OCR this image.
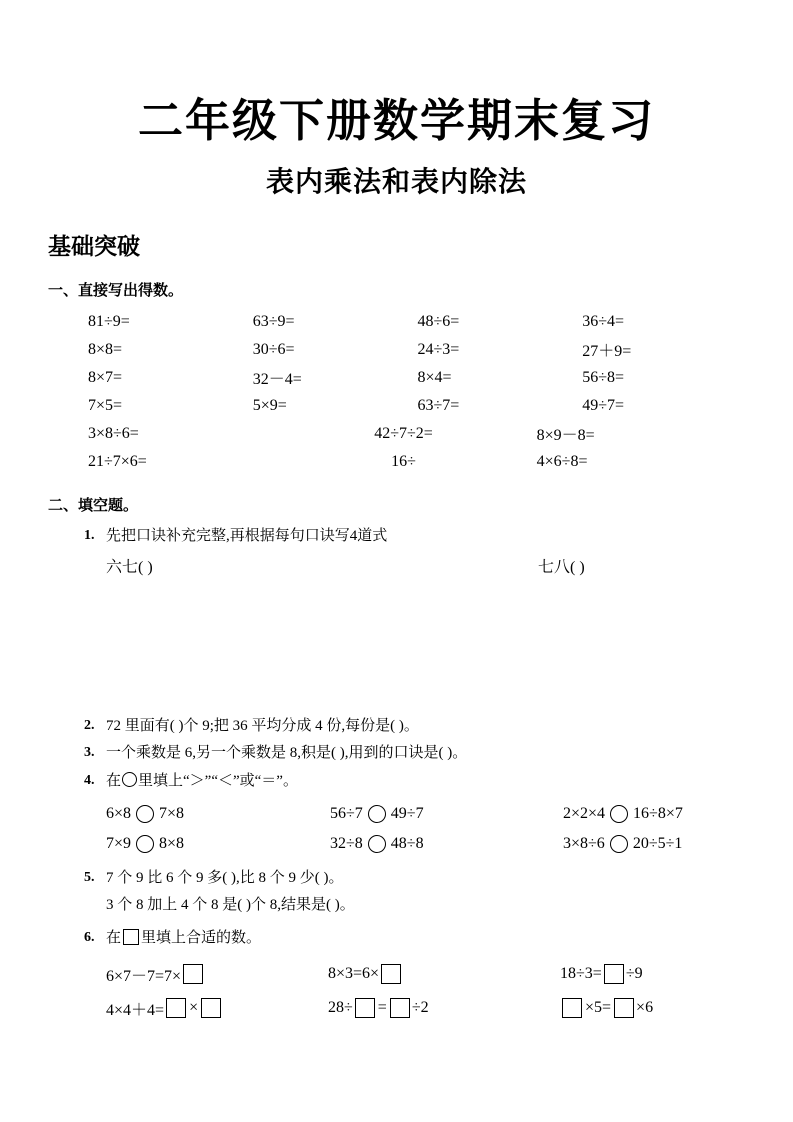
二年级下册数学期末复习
表内乘法和表内除法
基础突破
一、直接写出得数。
81÷9=	63÷9=	48÷6=	36÷4=
8×8=	30÷6=	24÷3=	27＋9=
8×7=	32－4=	8×4=	56÷8=
7×5=	5×9=	63÷7=	49÷7=
3×8÷6=	42÷7÷2=	8×9－8=
21÷7×6=	16÷	4×6÷8=
二、填空题。
1. 先把口诀补充完整,再根据每句口诀写4道式
六七( )	七八( )
2. 72 里面有( )个 9;把 36 平均分成 4 份,每份是( )。
3. 一个乘数是 6,另一个乘数是 8,积是( ),用到的口诀是( )。
4. 在 里填上“＞”“＜”或“＝”。
6×8 7×8	56÷7 49÷7	2×2×4 16÷8×7
7×9 8×8	32÷8 48÷8	3×8÷6 20÷5÷1
5. 7 个 9 比 6 个 9 多( ),比 8 个 9 少( )。
3 个 8 加上 4 个 8 是( )个 8,结果是( )。
6. 在 里填上合适的数。
6×7－7=7×	8×3=6×	18÷3= ÷9
4×4＋4= ×	28÷ = ÷2	×5= ×6
